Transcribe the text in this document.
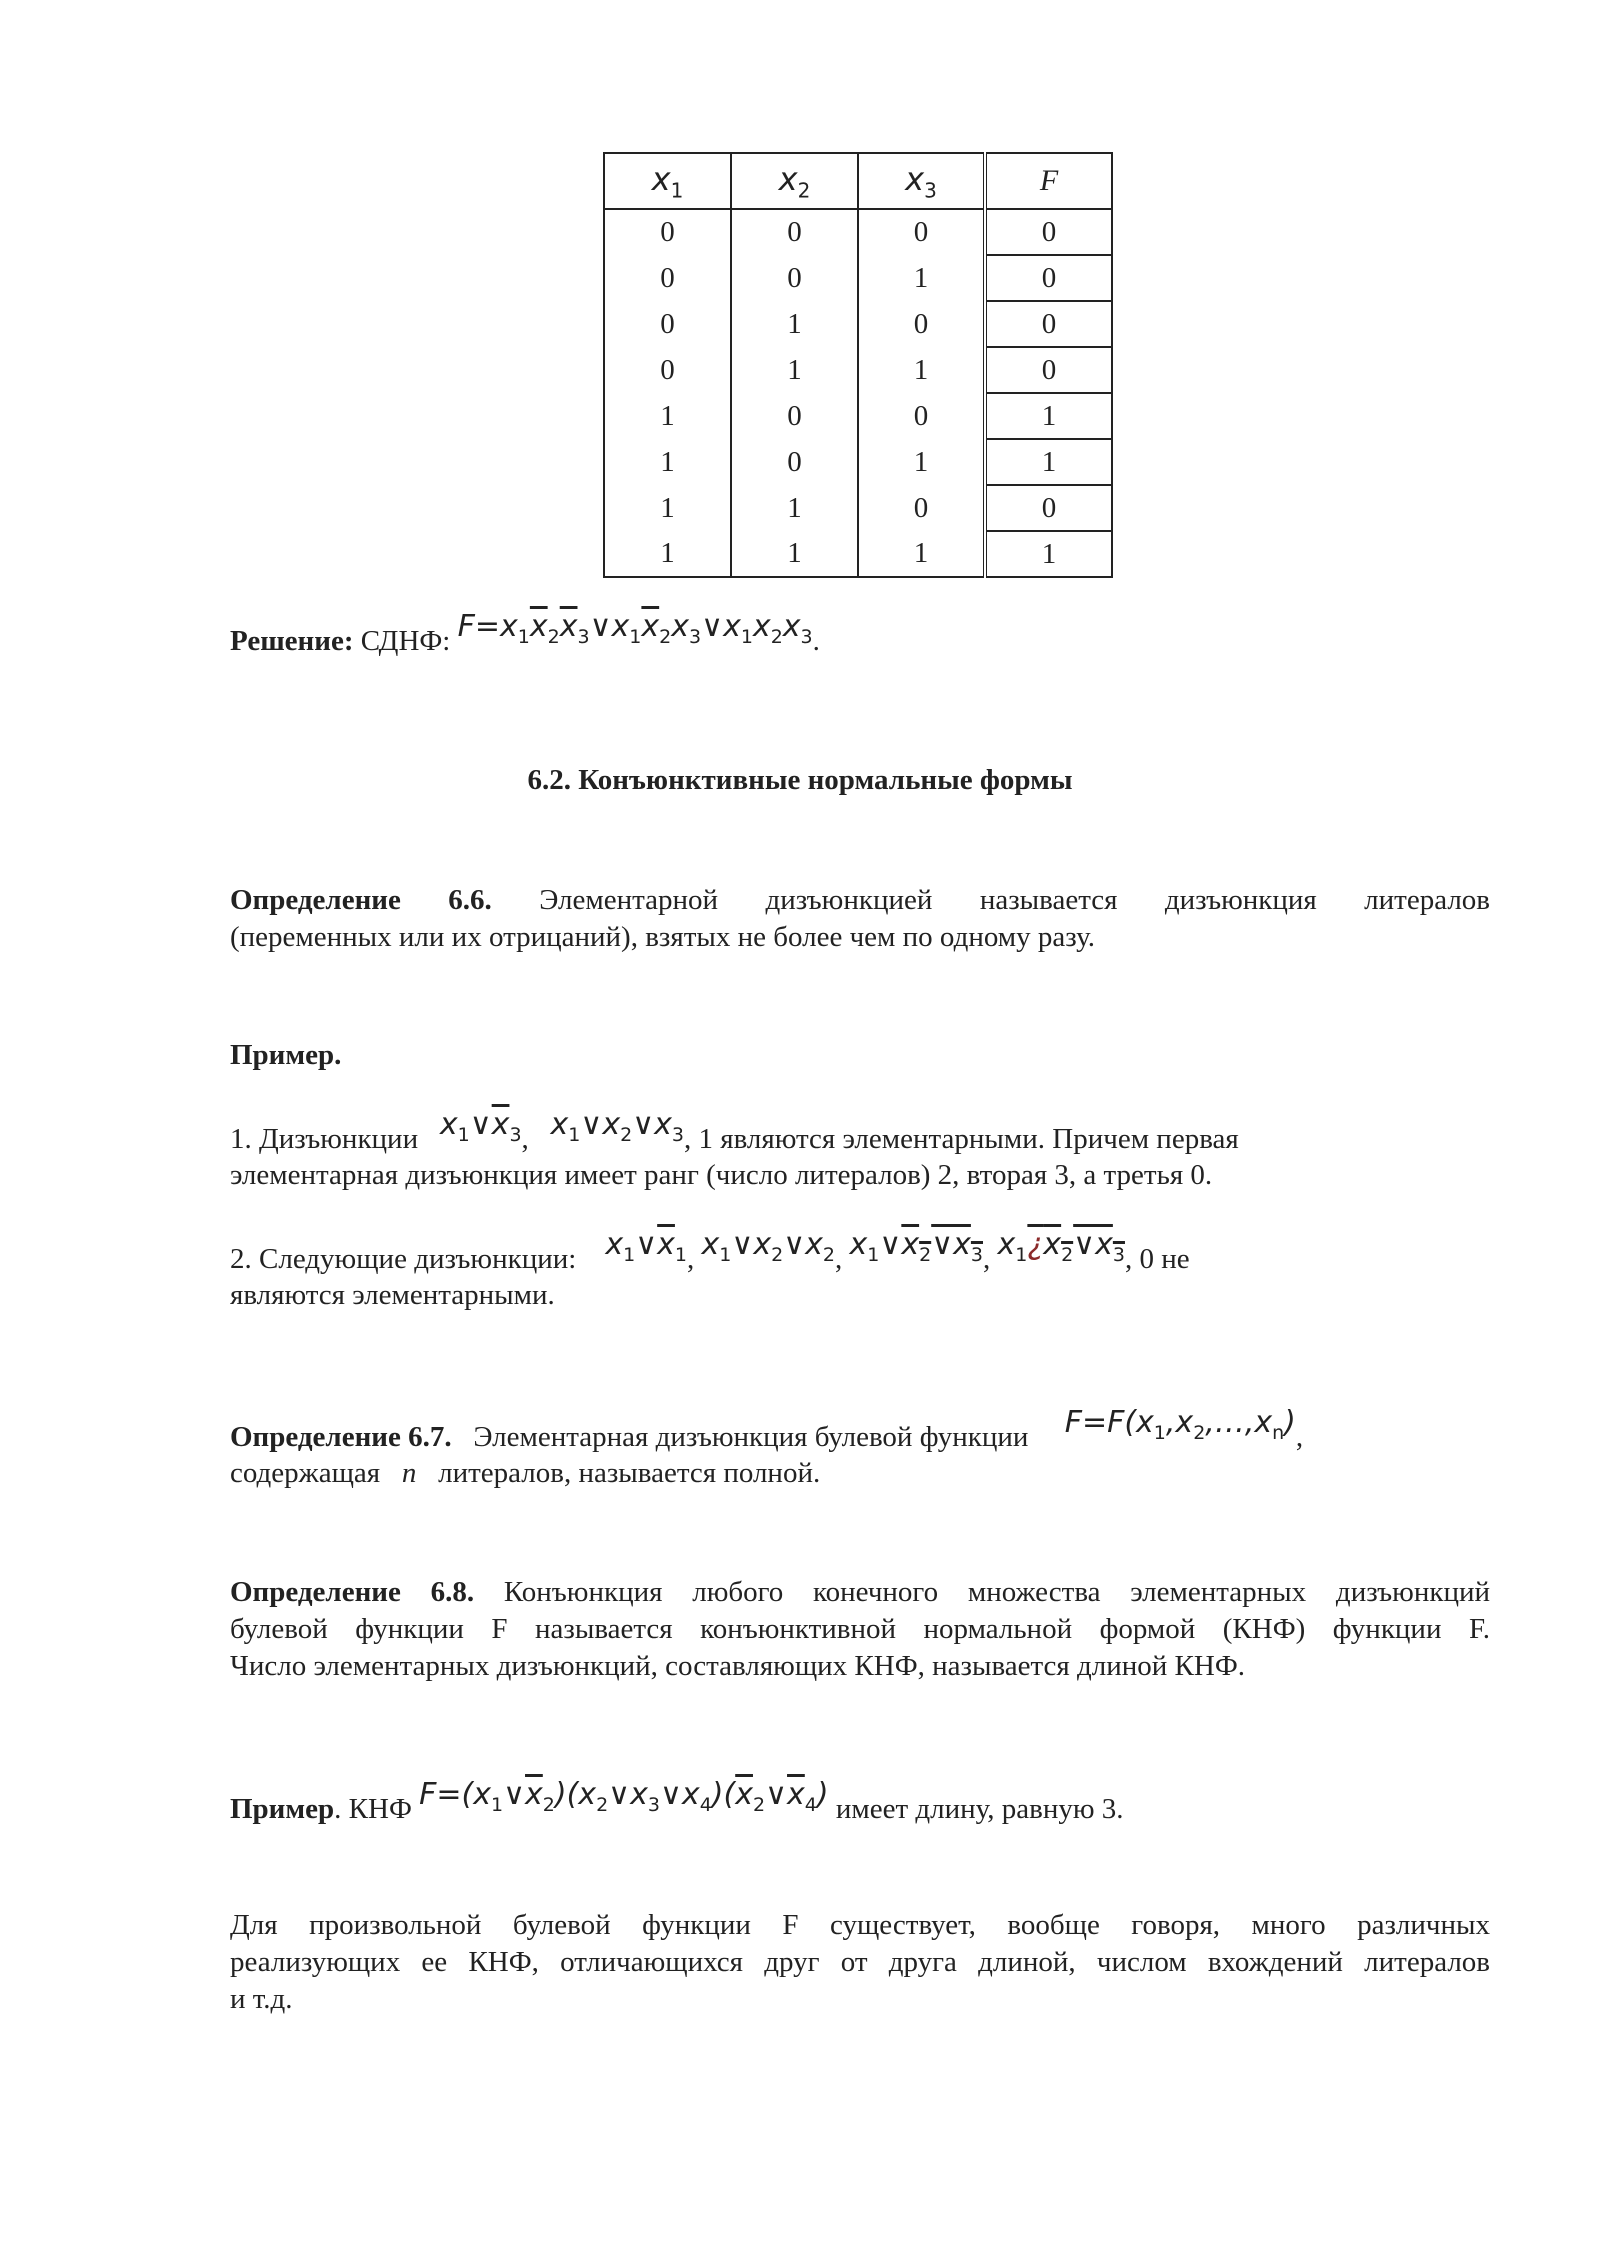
$x_1$	$x_2$	$x_3$	F
0	0	0	0
0	0	1	0
0	1	0	0
0	1	1	0
1	0	0	1
1	0	1	1
1	1	0	0
1	1	1	1
Решение: СДНФ: $F=x_1\overline{x}_2\overline{x}_3\vee x_1\overline{x}_2x_3\vee x_1x_2x_3$.
6.2. Конъюнктивные нормальные формы
Определение 6.6. Элементарной дизъюнкцией называется дизъюнкция литералов
(переменных или их отрицаний), взятых не более чем по одному разу.
Пример.
1. Дизъюнкции $x_1\vee\overline{x}_3$,   $x_1\vee x_2\vee x_3$, 1 являются элементарными. Причем первая
элементарная дизъюнкция имеет ранг (число литералов) 2, вторая 3, а третья 0.
2. Следующие дизъюнкции: $x_1\vee\overline{x}_1$, $x_1\vee x_2\vee x_2$, $x_1\vee x_2\vee x_3$, $x_1¿x_2\vee x_3$, 0 не
являются элементарными.
Определение 6.7. Элементарная дизъюнкция булевой функции $F=F(x_1,x_2,\dots,x_n)$,
содержащая n литералов, называется полной.
Определение 6.8. Конъюнкция любого конечного множества элементарных дизъюнкций
булевой функции F называется конъюнктивной нормальной формой (КНФ) функции F.
Число элементарных дизъюнкций, составляющих КНФ, называется длиной КНФ.
Пример. КНФ $F=(x_1\vee\overline{x}_2)(x_2\vee x_3\vee x_4)(\overline{x}_2\vee\overline{x}_4)$ имеет длину, равную 3.
Для произвольной булевой функции F существует, вообще говоря, много различных
реализующих ее КНФ, отличающихся друг от друга длиной, числом вхождений литералов
и т.д.
